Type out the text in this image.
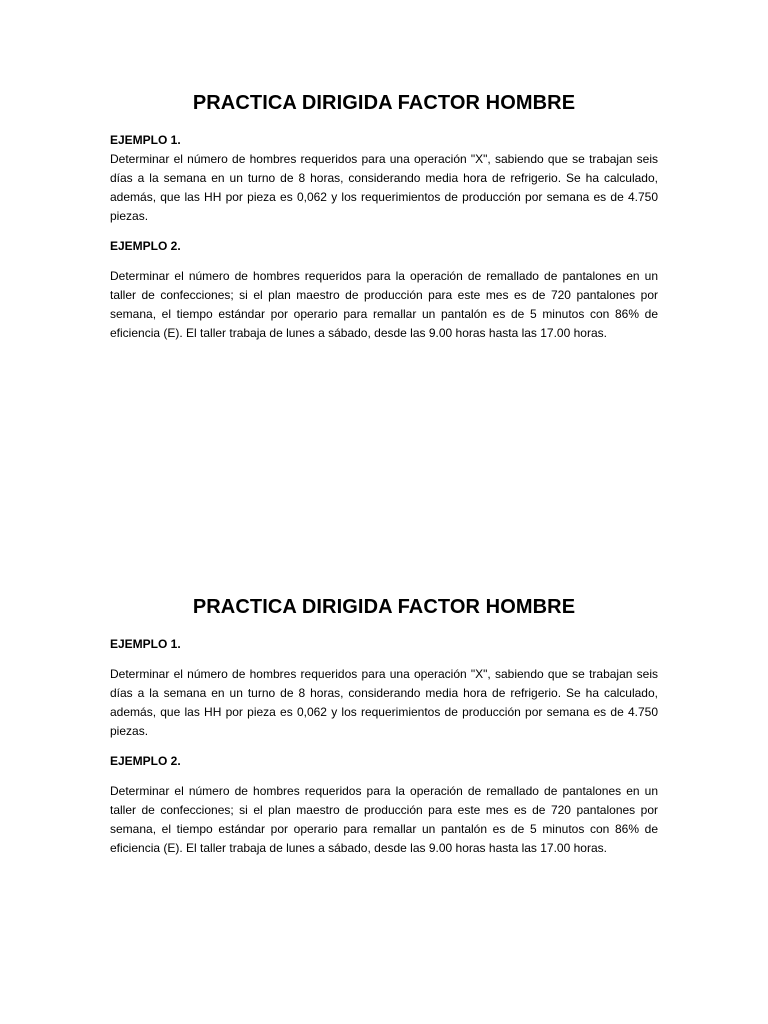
PRACTICA DIRIGIDA FACTOR HOMBRE

EJEMPLO 1.

Determinar el número de hombres requeridos para una operación "X", sabiendo que se trabajan seis días a la semana en un turno de 8 horas, considerando media hora de refrigerio. Se ha calculado, además, que las HH por pieza es 0,062 y los requerimientos de producción por semana es de 4.750 piezas.

EJEMPLO 2.

Determinar el número de hombres requeridos para la operación de remallado de pantalones en un taller de confecciones; si el plan maestro de producción para este mes es de 720 pantalones por semana, el tiempo estándar por operario para remallar un pantalón es de 5 minutos con 86% de eficiencia (E). El taller trabaja de lunes a sábado, desde las 9.00 horas hasta las 17.00 horas.

PRACTICA DIRIGIDA FACTOR HOMBRE

EJEMPLO 1.

Determinar el número de hombres requeridos para una operación "X", sabiendo que se trabajan seis días a la semana en un turno de 8 horas, considerando media hora de refrigerio. Se ha calculado, además, que las HH por pieza es 0,062 y los requerimientos de producción por semana es de 4.750 piezas.

EJEMPLO 2.

Determinar el número de hombres requeridos para la operación de remallado de pantalones en un taller de confecciones; si el plan maestro de producción para este mes es de 720 pantalones por semana, el tiempo estándar por operario para remallar un pantalón es de 5 minutos con 86% de eficiencia (E). El taller trabaja de lunes a sábado, desde las 9.00 horas hasta las 17.00 horas.
